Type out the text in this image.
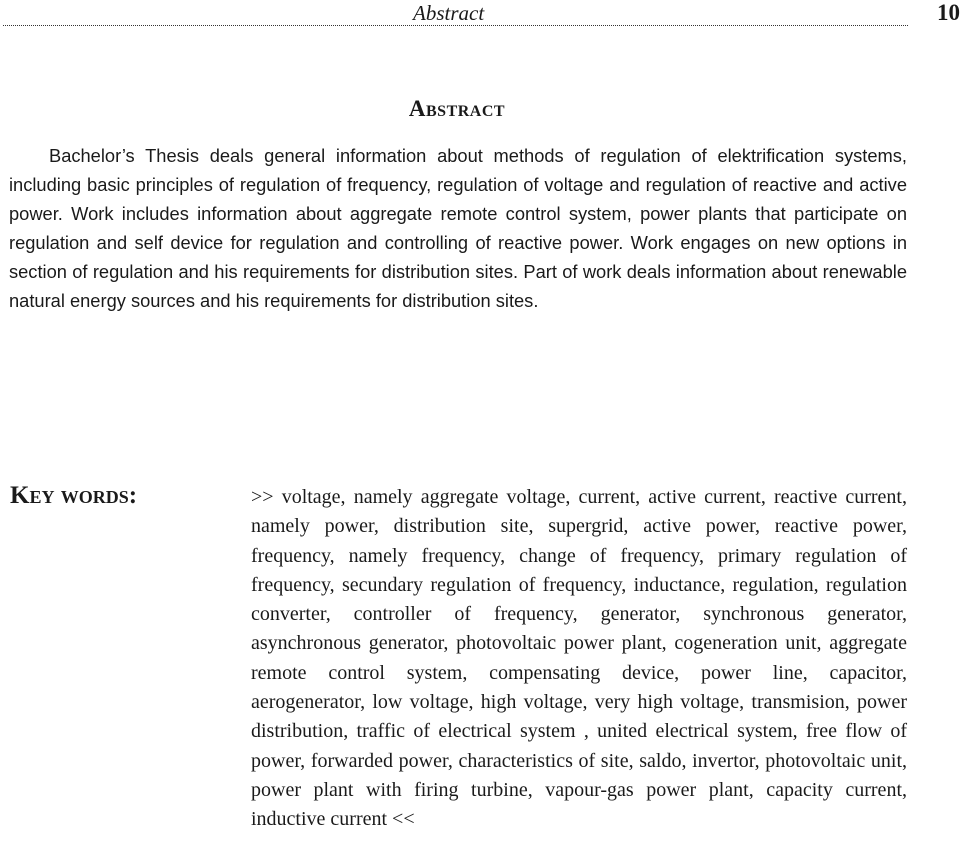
Abstract	10
Abstract

Bachelor’s Thesis deals general information about methods of regulation of elektrification systems, including basic principles of regulation of frequency, regulation of voltage and regulation of reactive and active power. Work includes information about aggregate remote control system, power plants that participate on regulation and self device for regulation and controlling of reactive power. Work engages on new options in section of regulation and his requirements for distribution sites. Part of work deals information about renewable natural energy sources and his requirements for distribution sites.

Key words:	>> voltage, namely aggregate voltage, current, active current, reactive current, namely power, distribution site, supergrid, active power, reactive power, frequency, namely frequency, change of frequency, primary regulation of frequency, secundary regulation of frequency, inductance, regulation, regulation converter, controller of frequency, generator, synchronous generator, asynchronous generator, photovoltaic power plant, cogeneration unit, aggregate remote control system, compensating device, power line, capacitor, aerogenerator, low voltage, high voltage, very high voltage, transmision, power distribution, traffic of electrical system , united electrical system, free flow of power, forwarded power, characteristics of site, saldo, invertor, photovoltaic unit, power plant with firing turbine, vapour-gas power plant, capacity current, inductive current <<
